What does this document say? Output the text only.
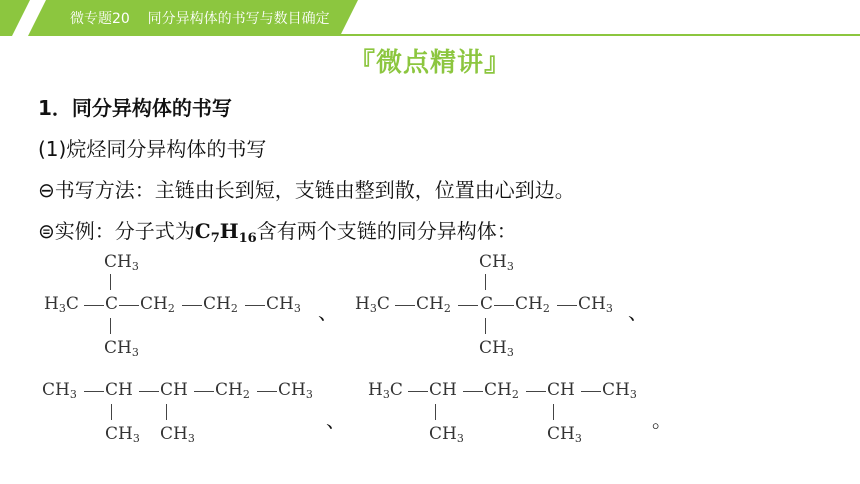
微专题20    同分异构体的书写与数目确定
『微点精讲』
1．同分异构体的书写
(1)烷烃同分异构体的书写
⊖书写方法：主链由长到短，支链由整到散，位置由心到边。
⊜实例：分子式为$C_7H_{16}$含有两个支链的同分异构体：
$CH_3$
$H_3C$ C $CH_2$ $CH_2$ $CH_3$
$CH_3$
、
$CH_3$
$H_3C$ $CH_2$ C $CH_2$ $CH_3$
$CH_3$
、
$CH_3$ CH CH $CH_2$ $CH_3$
$CH_3$ $CH_3$
、
$H_3C$ CH $CH_2$ CH $CH_3$
$CH_3$	$CH_3$
。
